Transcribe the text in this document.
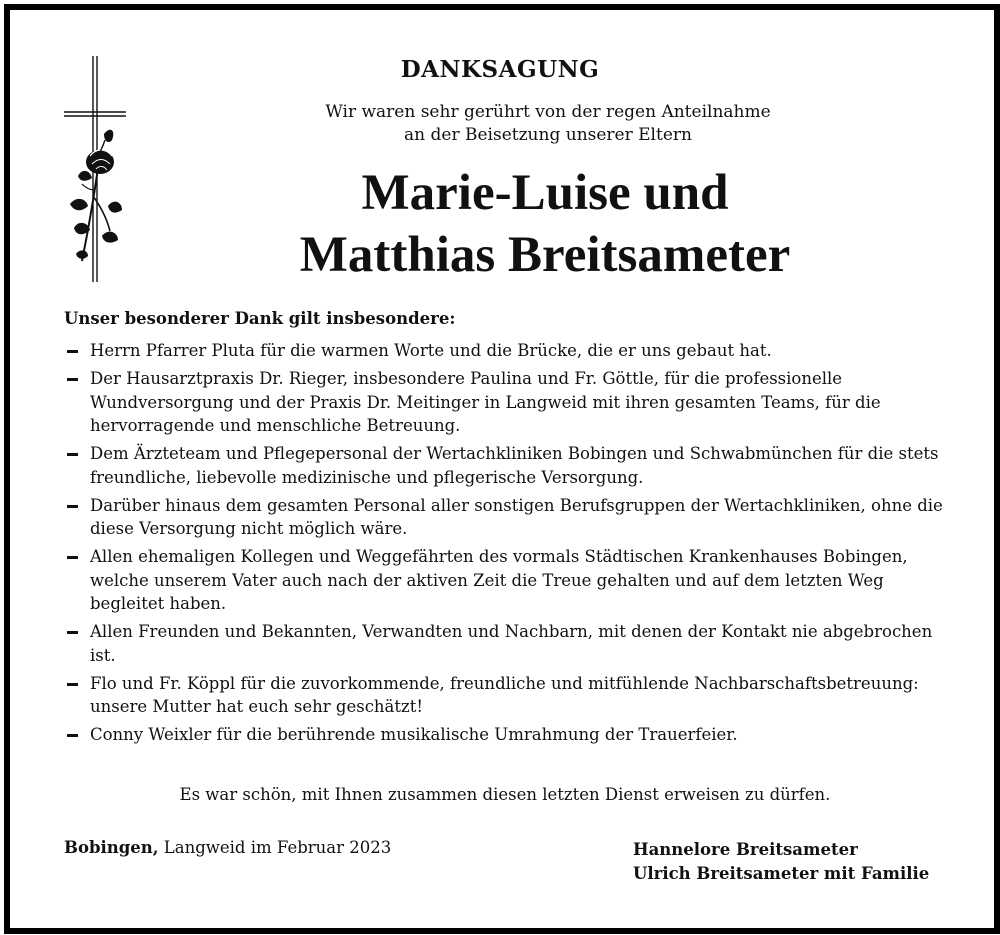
DANKSAGUNG
Wir waren sehr gerührt von der regen Anteilnahme
an der Beisetzung unserer Eltern
Marie-Luise und
Matthias Breitsameter
Unser besonderer Dank gilt insbesondere:
Herrn Pfarrer Pluta für die warmen Worte und die Brücke, die er uns gebaut hat.
Der Hausarztpraxis Dr. Rieger, insbesondere Paulina und Fr. Göttle, für die professionelle Wundversorgung und der Praxis Dr. Meitinger in Langweid mit ihren gesamten Teams, für die hervorragende und menschliche Betreuung.
Dem Ärzteteam und Pflegepersonal der Wertachkliniken Bobingen und Schwabmünchen für die stets freundliche, liebevolle medizinische und pflegerische Versorgung.
Darüber hinaus dem gesamten Personal aller sonstigen Berufsgruppen der Wertachkliniken, ohne die diese Versorgung nicht möglich wäre.
Allen ehemaligen Kollegen und Weggefährten des vormals Städtischen Krankenhauses Bobingen, welche unserem Vater auch nach der aktiven Zeit die Treue gehalten und auf dem letzten Weg begleitet haben.
Allen Freunden und Bekannten, Verwandten und Nachbarn, mit denen der Kontakt nie abgebrochen ist.
Flo und Fr. Köppl für die zuvorkommende, freundliche und mitfühlende Nachbarschaftsbetreuung: unsere Mutter hat euch sehr geschätzt!
Conny Weixler für die berührende musikalische Umrahmung der Trauerfeier.
Es war schön, mit Ihnen zusammen diesen letzten Dienst erweisen zu dürfen.
Bobingen, Langweid im Februar 2023	Hannelore Breitsameter
Ulrich Breitsameter mit Familie
